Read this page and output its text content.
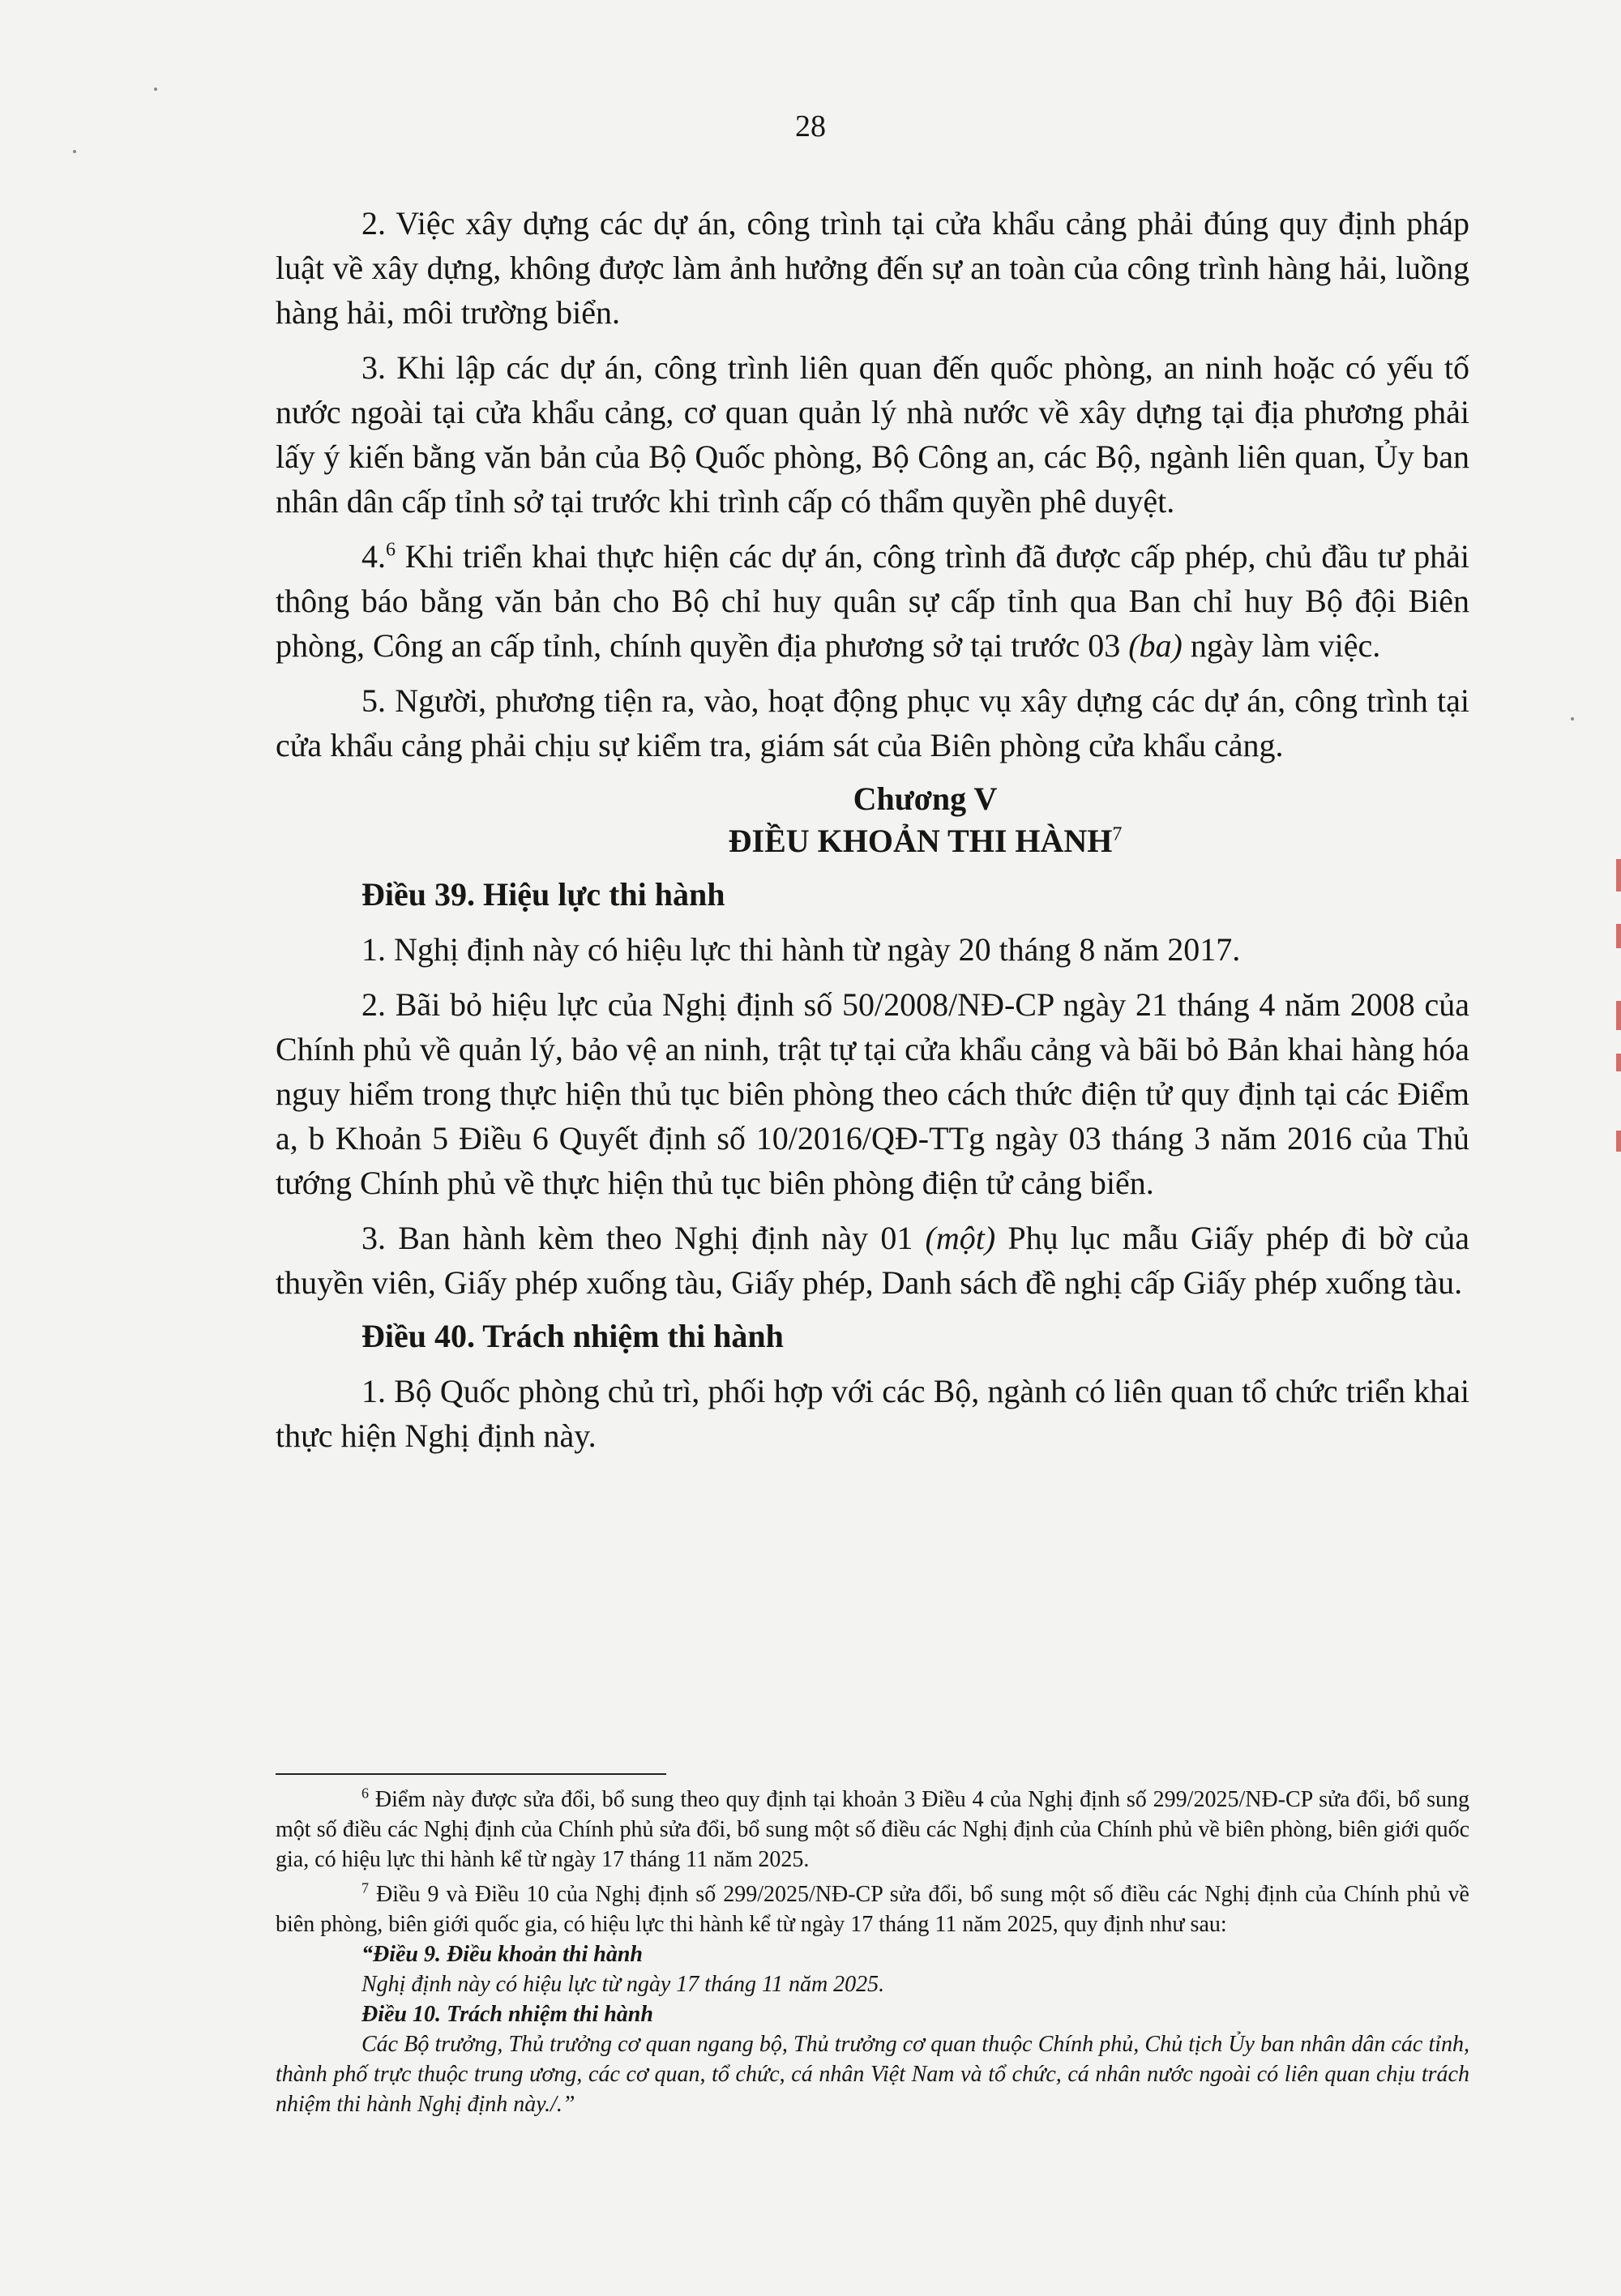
28

2. Việc xây dựng các dự án, công trình tại cửa khẩu cảng phải đúng quy định pháp luật về xây dựng, không được làm ảnh hưởng đến sự an toàn của công trình hàng hải, luồng hàng hải, môi trường biển.

3. Khi lập các dự án, công trình liên quan đến quốc phòng, an ninh hoặc có yếu tố nước ngoài tại cửa khẩu cảng, cơ quan quản lý nhà nước về xây dựng tại địa phương phải lấy ý kiến bằng văn bản của Bộ Quốc phòng, Bộ Công an, các Bộ, ngành liên quan, Ủy ban nhân dân cấp tỉnh sở tại trước khi trình cấp có thẩm quyền phê duyệt.

4.$^6$ Khi triển khai thực hiện các dự án, công trình đã được cấp phép, chủ đầu tư phải thông báo bằng văn bản cho Bộ chỉ huy quân sự cấp tỉnh qua Ban chỉ huy Bộ đội Biên phòng, Công an cấp tỉnh, chính quyền địa phương sở tại trước 03 (ba) ngày làm việc.

5. Người, phương tiện ra, vào, hoạt động phục vụ xây dựng các dự án, công trình tại cửa khẩu cảng phải chịu sự kiểm tra, giám sát của Biên phòng cửa khẩu cảng.

Chương V

ĐIỀU KHOẢN THI HÀNH$^7$

Điều 39. Hiệu lực thi hành

1. Nghị định này có hiệu lực thi hành từ ngày 20 tháng 8 năm 2017.

2. Bãi bỏ hiệu lực của Nghị định số 50/2008/NĐ-CP ngày 21 tháng 4 năm 2008 của Chính phủ về quản lý, bảo vệ an ninh, trật tự tại cửa khẩu cảng và bãi bỏ Bản khai hàng hóa nguy hiểm trong thực hiện thủ tục biên phòng theo cách thức điện tử quy định tại các Điểm a, b Khoản 5 Điều 6 Quyết định số 10/2016/QĐ-TTg ngày 03 tháng 3 năm 2016 của Thủ tướng Chính phủ về thực hiện thủ tục biên phòng điện tử cảng biển.

3. Ban hành kèm theo Nghị định này 01 (một) Phụ lục mẫu Giấy phép đi bờ của thuyền viên, Giấy phép xuống tàu, Giấy phép, Danh sách đề nghị cấp Giấy phép xuống tàu.

Điều 40. Trách nhiệm thi hành

1. Bộ Quốc phòng chủ trì, phối hợp với các Bộ, ngành có liên quan tổ chức triển khai thực hiện Nghị định này.

$^6$ Điểm này được sửa đổi, bổ sung theo quy định tại khoản 3 Điều 4 của Nghị định số 299/2025/NĐ-CP sửa đổi, bổ sung một số điều các Nghị định của Chính phủ sửa đổi, bổ sung một số điều các Nghị định của Chính phủ về biên phòng, biên giới quốc gia, có hiệu lực thi hành kể từ ngày 17 tháng 11 năm 2025.

$^7$ Điều 9 và Điều 10 của Nghị định số 299/2025/NĐ-CP sửa đổi, bổ sung một số điều các Nghị định của Chính phủ về biên phòng, biên giới quốc gia, có hiệu lực thi hành kể từ ngày 17 tháng 11 năm 2025, quy định như sau:

“Điều 9. Điều khoản thi hành

Nghị định này có hiệu lực từ ngày 17 tháng 11 năm 2025.

Điều 10. Trách nhiệm thi hành

Các Bộ trưởng, Thủ trưởng cơ quan ngang bộ, Thủ trưởng cơ quan thuộc Chính phủ, Chủ tịch Ủy ban nhân dân các tỉnh, thành phố trực thuộc trung ương, các cơ quan, tổ chức, cá nhân Việt Nam và tổ chức, cá nhân nước ngoài có liên quan chịu trách nhiệm thi hành Nghị định này./.”
